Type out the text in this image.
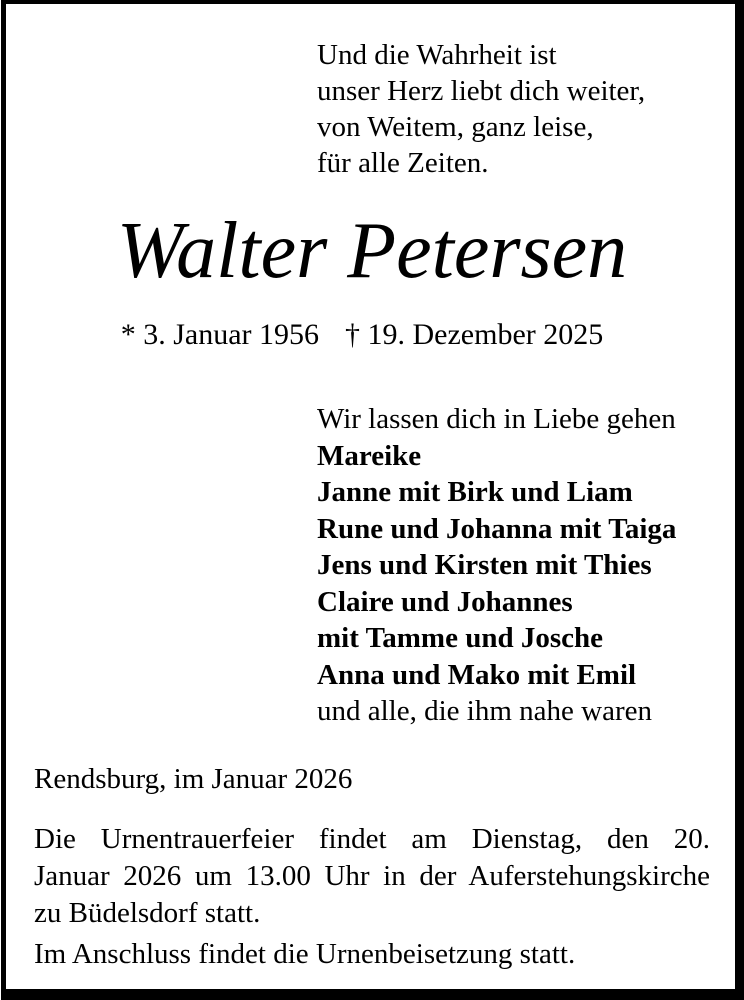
Und die Wahrheit ist
unser Herz liebt dich weiter,
von Weitem, ganz leise,
für alle Zeiten.
Walter Petersen
* 3. Januar 1956 † 19. Dezember 2025
Wir lassen dich in Liebe gehen
Mareike
Janne mit Birk und Liam
Rune und Johanna mit Taiga
Jens und Kirsten mit Thies
Claire und Johannes
mit Tamme und Josche
Anna und Mako mit Emil
und alle, die ihm nahe waren
Rendsburg, im Januar 2026
Die Urnentrauerfeier findet am Dienstag, den 20.
Januar 2026 um 13.00 Uhr in der Auferstehungskirche
zu Büdelsdorf statt.
Im Anschluss findet die Urnenbeisetzung statt.
